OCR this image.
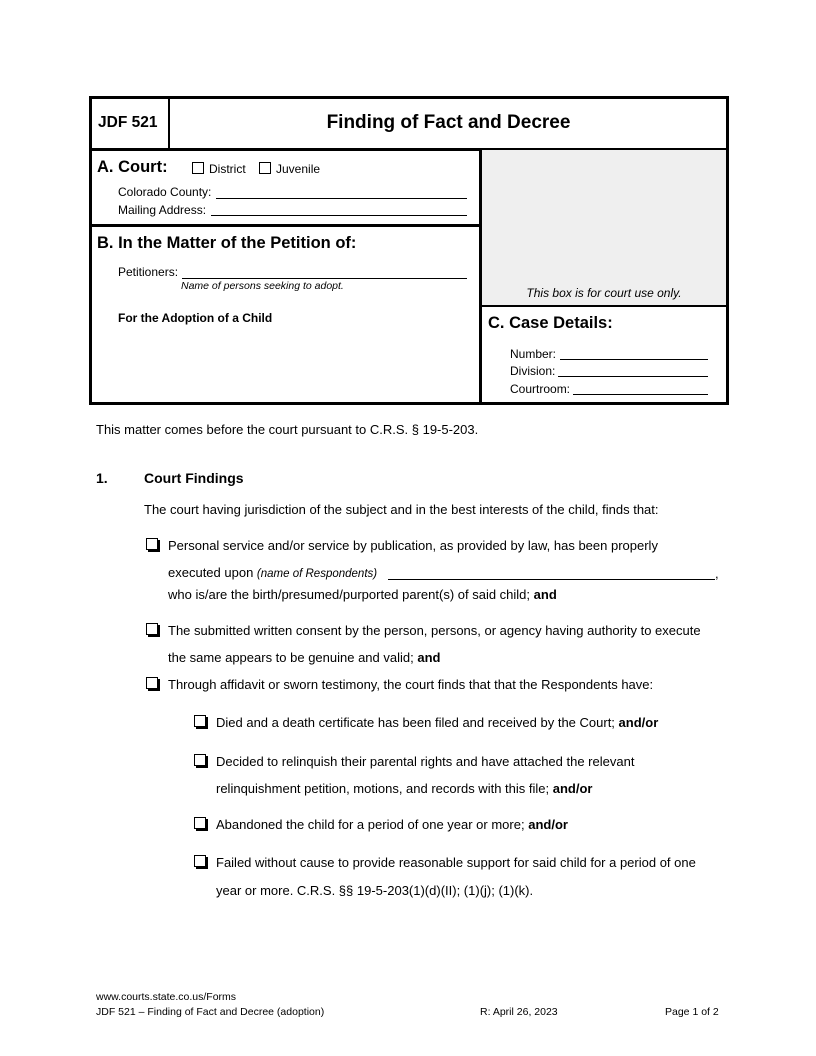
JDF 521	Finding of Fact and Decree
A. Court:	District	Juvenile
Colorado County:
Mailing Address:
B. In the Matter of the Petition of:
Petitioners:
Name of persons seeking to adopt.
For the Adoption of a Child
This box is for court use only.
C. Case Details:
Number:
Division:
Courtroom:
This matter comes before the court pursuant to C.R.S. § 19-5-203.
1.	Court Findings
The court having jurisdiction of the subject and in the best interests of the child, finds that:
Personal service and/or service by publication, as provided by law, has been properly
executed upon (name of Respondents)	,
who is/are the birth/presumed/purported parent(s) of said child; and
The submitted written consent by the person, persons, or agency having authority to execute
the same appears to be genuine and valid; and
Through affidavit or sworn testimony, the court finds that that the Respondents have:
Died and a death certificate has been filed and received by the Court; and/or
Decided to relinquish their parental rights and have attached the relevant
relinquishment petition, motions, and records with this file; and/or
Abandoned the child for a period of one year or more; and/or
Failed without cause to provide reasonable support for said child for a period of one
year or more. C.R.S. §§ 19-5-203(1)(d)(II); (1)(j); (1)(k).
www.courts.state.co.us/Forms
JDF 521 – Finding of Fact and Decree (adoption)	R: April 26, 2023	Page 1 of 2
